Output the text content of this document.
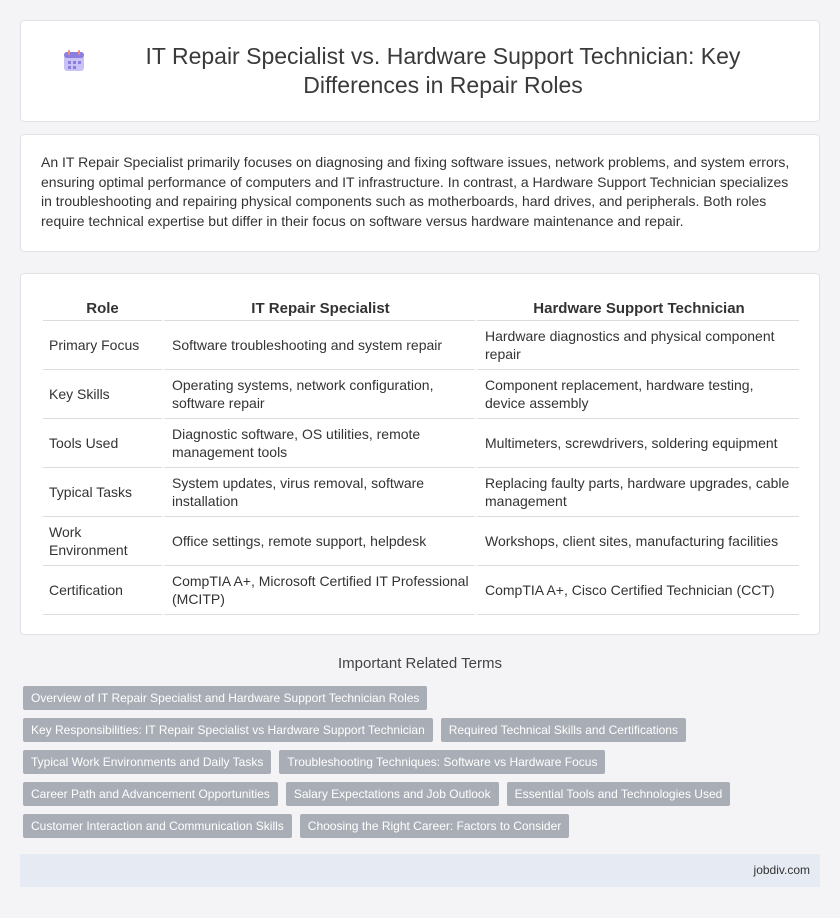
IT Repair Specialist vs. Hardware Support Technician: Key Differences in Repair Roles

An IT Repair Specialist primarily focuses on diagnosing and fixing software issues, network problems, and system errors, ensuring optimal performance of computers and IT infrastructure. In contrast, a Hardware Support Technician specializes in troubleshooting and repairing physical components such as motherboards, hard drives, and peripherals. Both roles require technical expertise but differ in their focus on software versus hardware maintenance and repair.

Role	IT Repair Specialist	Hardware Support Technician
Primary Focus	Software troubleshooting and system repair	Hardware diagnostics and physical component repair
Key Skills	Operating systems, network configuration, software repair	Component replacement, hardware testing, device assembly
Tools Used	Diagnostic software, OS utilities, remote management tools	Multimeters, screwdrivers, soldering equipment
Typical Tasks	System updates, virus removal, software installation	Replacing faulty parts, hardware upgrades, cable management
Work Environment	Office settings, remote support, helpdesk	Workshops, client sites, manufacturing facilities
Certification	CompTIA A+, Microsoft Certified IT Professional (MCITP)	CompTIA A+, Cisco Certified Technician (CCT)
Important Related Terms
Overview of IT Repair Specialist and Hardware Support Technician Roles
Key Responsibilities: IT Repair Specialist vs Hardware Support Technician	Required Technical Skills and Certifications
Typical Work Environments and Daily Tasks	Troubleshooting Techniques: Software vs Hardware Focus
Career Path and Advancement Opportunities	Salary Expectations and Job Outlook	Essential Tools and Technologies Used
Customer Interaction and Communication Skills	Choosing the Right Career: Factors to Consider
jobdiv.com
